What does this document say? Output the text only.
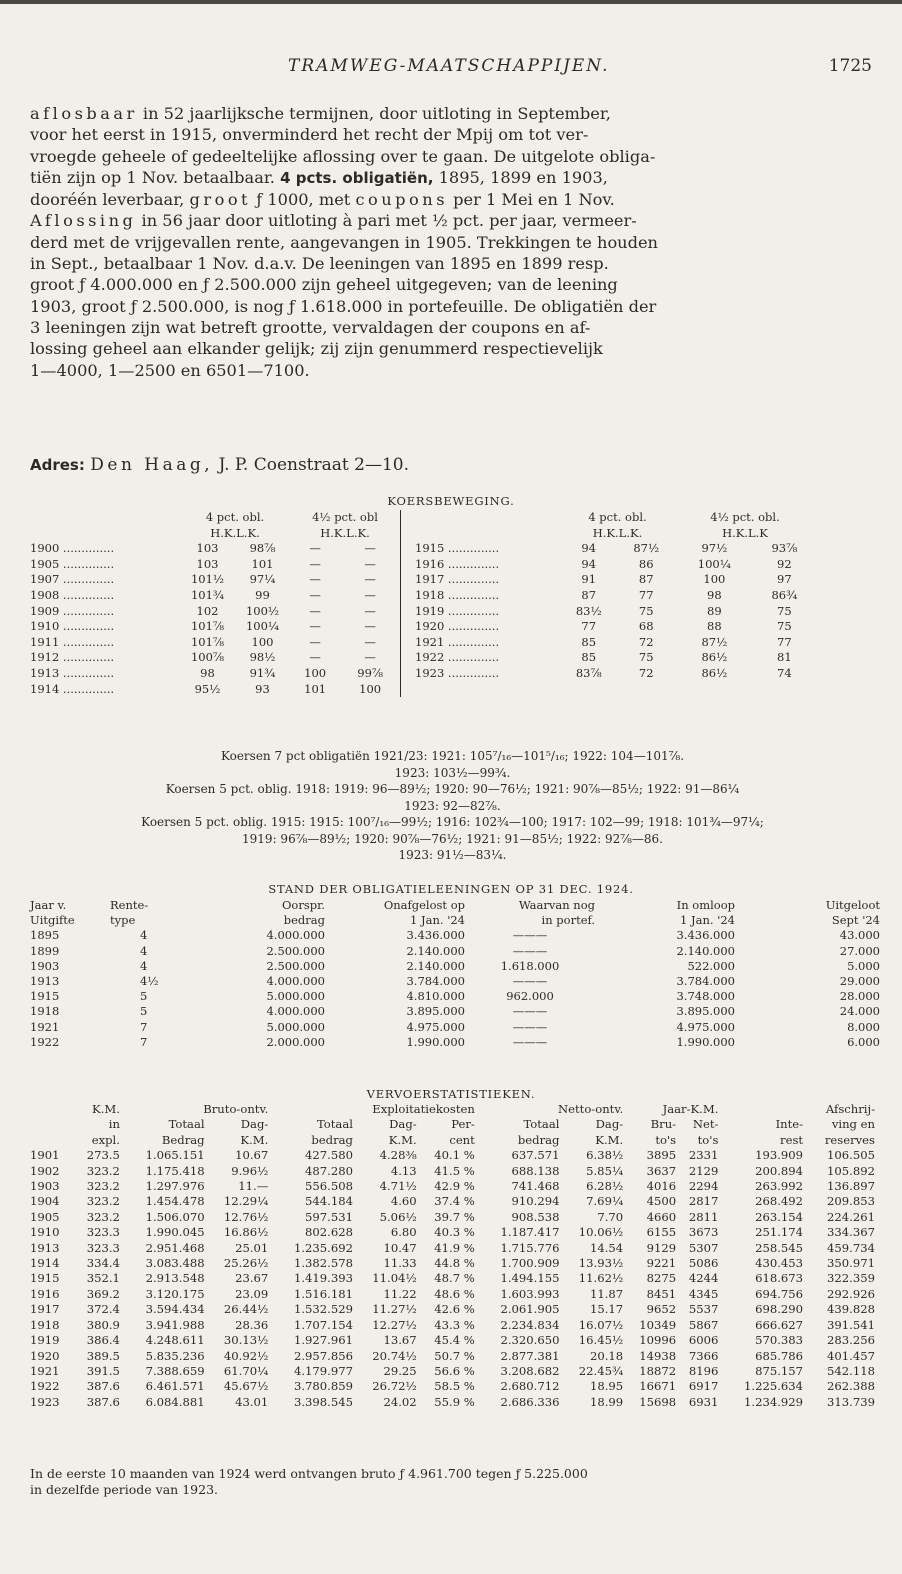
TRAMWEG-MAATSCHAPPIJEN.	1725
aflosbaar in 52 jaarlijksche termijnen, door uitloting in September,
voor het eerst in 1915, onverminderd het recht der Mpij om tot ver-
vroegde geheele of gedeeltelijke aflossing over te gaan. De uitgelote obliga-
tiën zijn op 1 Nov. betaalbaar. 4 pcts. obligatiën, 1895, 1899 en 1903,
dooréén leverbaar, groot ƒ 1000, met coupons per 1 Mei en 1 Nov.
Aflossing in 56 jaar door uitloting à pari met ½ pct. per jaar, vermeer-
derd met de vrijgevallen rente, aangevangen in 1905. Trekkingen te houden
in Sept., betaalbaar 1 Nov. d.a.v. De leeningen van 1895 en 1899 resp.
groot ƒ 4.000.000 en ƒ 2.500.000 zijn geheel uitgegeven; van de leening
1903, groot ƒ 2.500.000, is nog ƒ 1.618.000 in portefeuille. De obligatiën der
3 leeningen zijn wat betreft grootte, vervaldagen der coupons en af-
lossing geheel aan elkander gelijk; zij zijn genummerd respectievelijk
1—4000, 1—2500 en 6501—7100.
Adres: Den Haag, J. P. Coenstraat 2—10.
KOERSBEWEGING.
	4 pct. obl.		4½ pct. obl				4 pct. obl.		4½ pct. obl.	
	H.K.L.K.		H.K.L.K.				H.K.L.K.		H.K.L.K	
1900 ..............	103	98⅞	—	—		1915 ..............	94	87½	97½	93⅞
1905 ..............	103	101	—	—		1916 ..............	94	86	100¼	92
1907 ..............	101½	97¼	—	—		1917 ..............	91	87	100	97
1908 ..............	101¾	99	—	—		1918 ..............	87	77	98	86¾
1909 ..............	102	100½	—	—		1919 ..............	83½	75	89	75
1910 ..............	101⅞	100¼	—	—		1920 ..............	77	68	88	75
1911 ..............	101⅞	100	—	—		1921 ..............	85	72	87½	77
1912 ..............	100⅞	98½	—	—		1922 ..............	85	75	86½	81
1913 ..............	98	91¾	100	99⅞		1923 ..............	83⅞	72	86½	74
1914 ..............	95½	93	101	100						
Koersen 7 pct obligatiën 1921/23: 1921: 105⁷/₁₆—101⁵/₁₆; 1922: 104—101⅞.
1923: 103½—99¾.
Koersen 5 pct. oblig. 1918: 1919: 96—89½; 1920: 90—76½; 1921: 90⅞—85½; 1922: 91—86¼
1923: 92—82⅞.
Koersen 5 pct. oblig. 1915: 1915: 100⁷/₁₆—99½; 1916: 102¾—100; 1917: 102—99; 1918: 101¾—97¼;
1919: 96⅞—89½; 1920: 90⅞—76½; 1921: 91—85½; 1922: 92⅞—86.
1923: 91½—83¼.
STAND DER OBLIGATIELEENINGEN OP 31 DEC. 1924.
Jaar v.	Rente-	Oorspr.	Onafgelost op	Waarvan nog	In omloop	Uitgeloot
Uitgifte	type	bedrag	1 Jan. '24	in portef.	1 Jan. '24	Sept '24
1895	4	4.000.000	3.436.000	———	3.436.000	43.000
1899	4	2.500.000	2.140.000	———	2.140.000	27.000
1903	4	2.500.000	2.140.000	1.618.000	522.000	5.000
1913	4½	4.000.000	3.784.000	———	3.784.000	29.000
1915	5	5.000.000	4.810.000	962.000	3.748.000	28.000
1918	5	4.000.000	3.895.000	———	3.895.000	24.000
1921	7	5.000.000	4.975.000	———	4.975.000	8.000
1922	7	2.000.000	1.990.000	———	1.990.000	6.000
VERVOERSTATISTIEKEN.
	K.M.	Bruto-ontv.		Exploitatiekosten			Netto-ontv.		Jaar-K.M.			Afschrij-
	in	Totaal	Dag-	Totaal	Dag-	Per-	Totaal	Dag-	Bru-	Net-	Inte-	ving en
	expl.	Bedrag	K.M.	bedrag	K.M.	cent	bedrag	K.M.	to's	to's	rest	reserves
1901	273.5	1.065.151	10.67	427.580	4.28⅜	40.1 %	637.571	6.38½	3895	2331	193.909	106.505
1902	323.2	1.175.418	9.96½	487.280	4.13	41.5 %	688.138	5.85¼	3637	2129	200.894	105.892
1903	323.2	1.297.976	11.—	556.508	4.71½	42.9 %	741.468	6.28½	4016	2294	263.992	136.897
1904	323.2	1.454.478	12.29¼	544.184	4.60	37.4 %	910.294	7.69¼	4500	2817	268.492	209.853
1905	323.2	1.506.070	12.76½	597.531	5.06½	39.7 %	908.538	7.70	4660	2811	263.154	224.261
1910	323.3	1.990.045	16.86½	802.628	6.80	40.3 %	1.187.417	10.06½	6155	3673	251.174	334.367
1913	323.3	2.951.468	25.01	1.235.692	10.47	41.9 %	1.715.776	14.54	9129	5307	258.545	459.734
1914	334.4	3.083.488	25.26½	1.382.578	11.33	44.8 %	1.700.909	13.93½	9221	5086	430.453	350.971
1915	352.1	2.913.548	23.67	1.419.393	11.04½	48.7 %	1.494.155	11.62½	8275	4244	618.673	322.359
1916	369.2	3.120.175	23.09	1.516.181	11.22	48.6 %	1.603.993	11.87	8451	4345	694.756	292.926
1917	372.4	3.594.434	26.44½	1.532.529	11.27½	42.6 %	2.061.905	15.17	9652	5537	698.290	439.828
1918	380.9	3.941.988	28.36	1.707.154	12.27½	43.3 %	2.234.834	16.07½	10349	5867	666.627	391.541
1919	386.4	4.248.611	30.13½	1.927.961	13.67	45.4 %	2.320.650	16.45½	10996	6006	570.383	283.256
1920	389.5	5.835.236	40.92½	2.957.856	20.74½	50.7 %	2.877.381	20.18	14938	7366	685.786	401.457
1921	391.5	7.388.659	61.70¼	4.179.977	29.25	56.6 %	3.208.682	22.45¾	18872	8196	875.157	542.118
1922	387.6	6.461.571	45.67½	3.780.859	26.72½	58.5 %	2.680.712	18.95	16671	6917	1.225.634	262.388
1923	387.6	6.084.881	43.01	3.398.545	24.02	55.9 %	2.686.336	18.99	15698	6931	1.234.929	313.739
In de eerste 10 maanden van 1924 werd ontvangen bruto ƒ 4.961.700 tegen ƒ 5.225.000
in dezelfde periode van 1923.
